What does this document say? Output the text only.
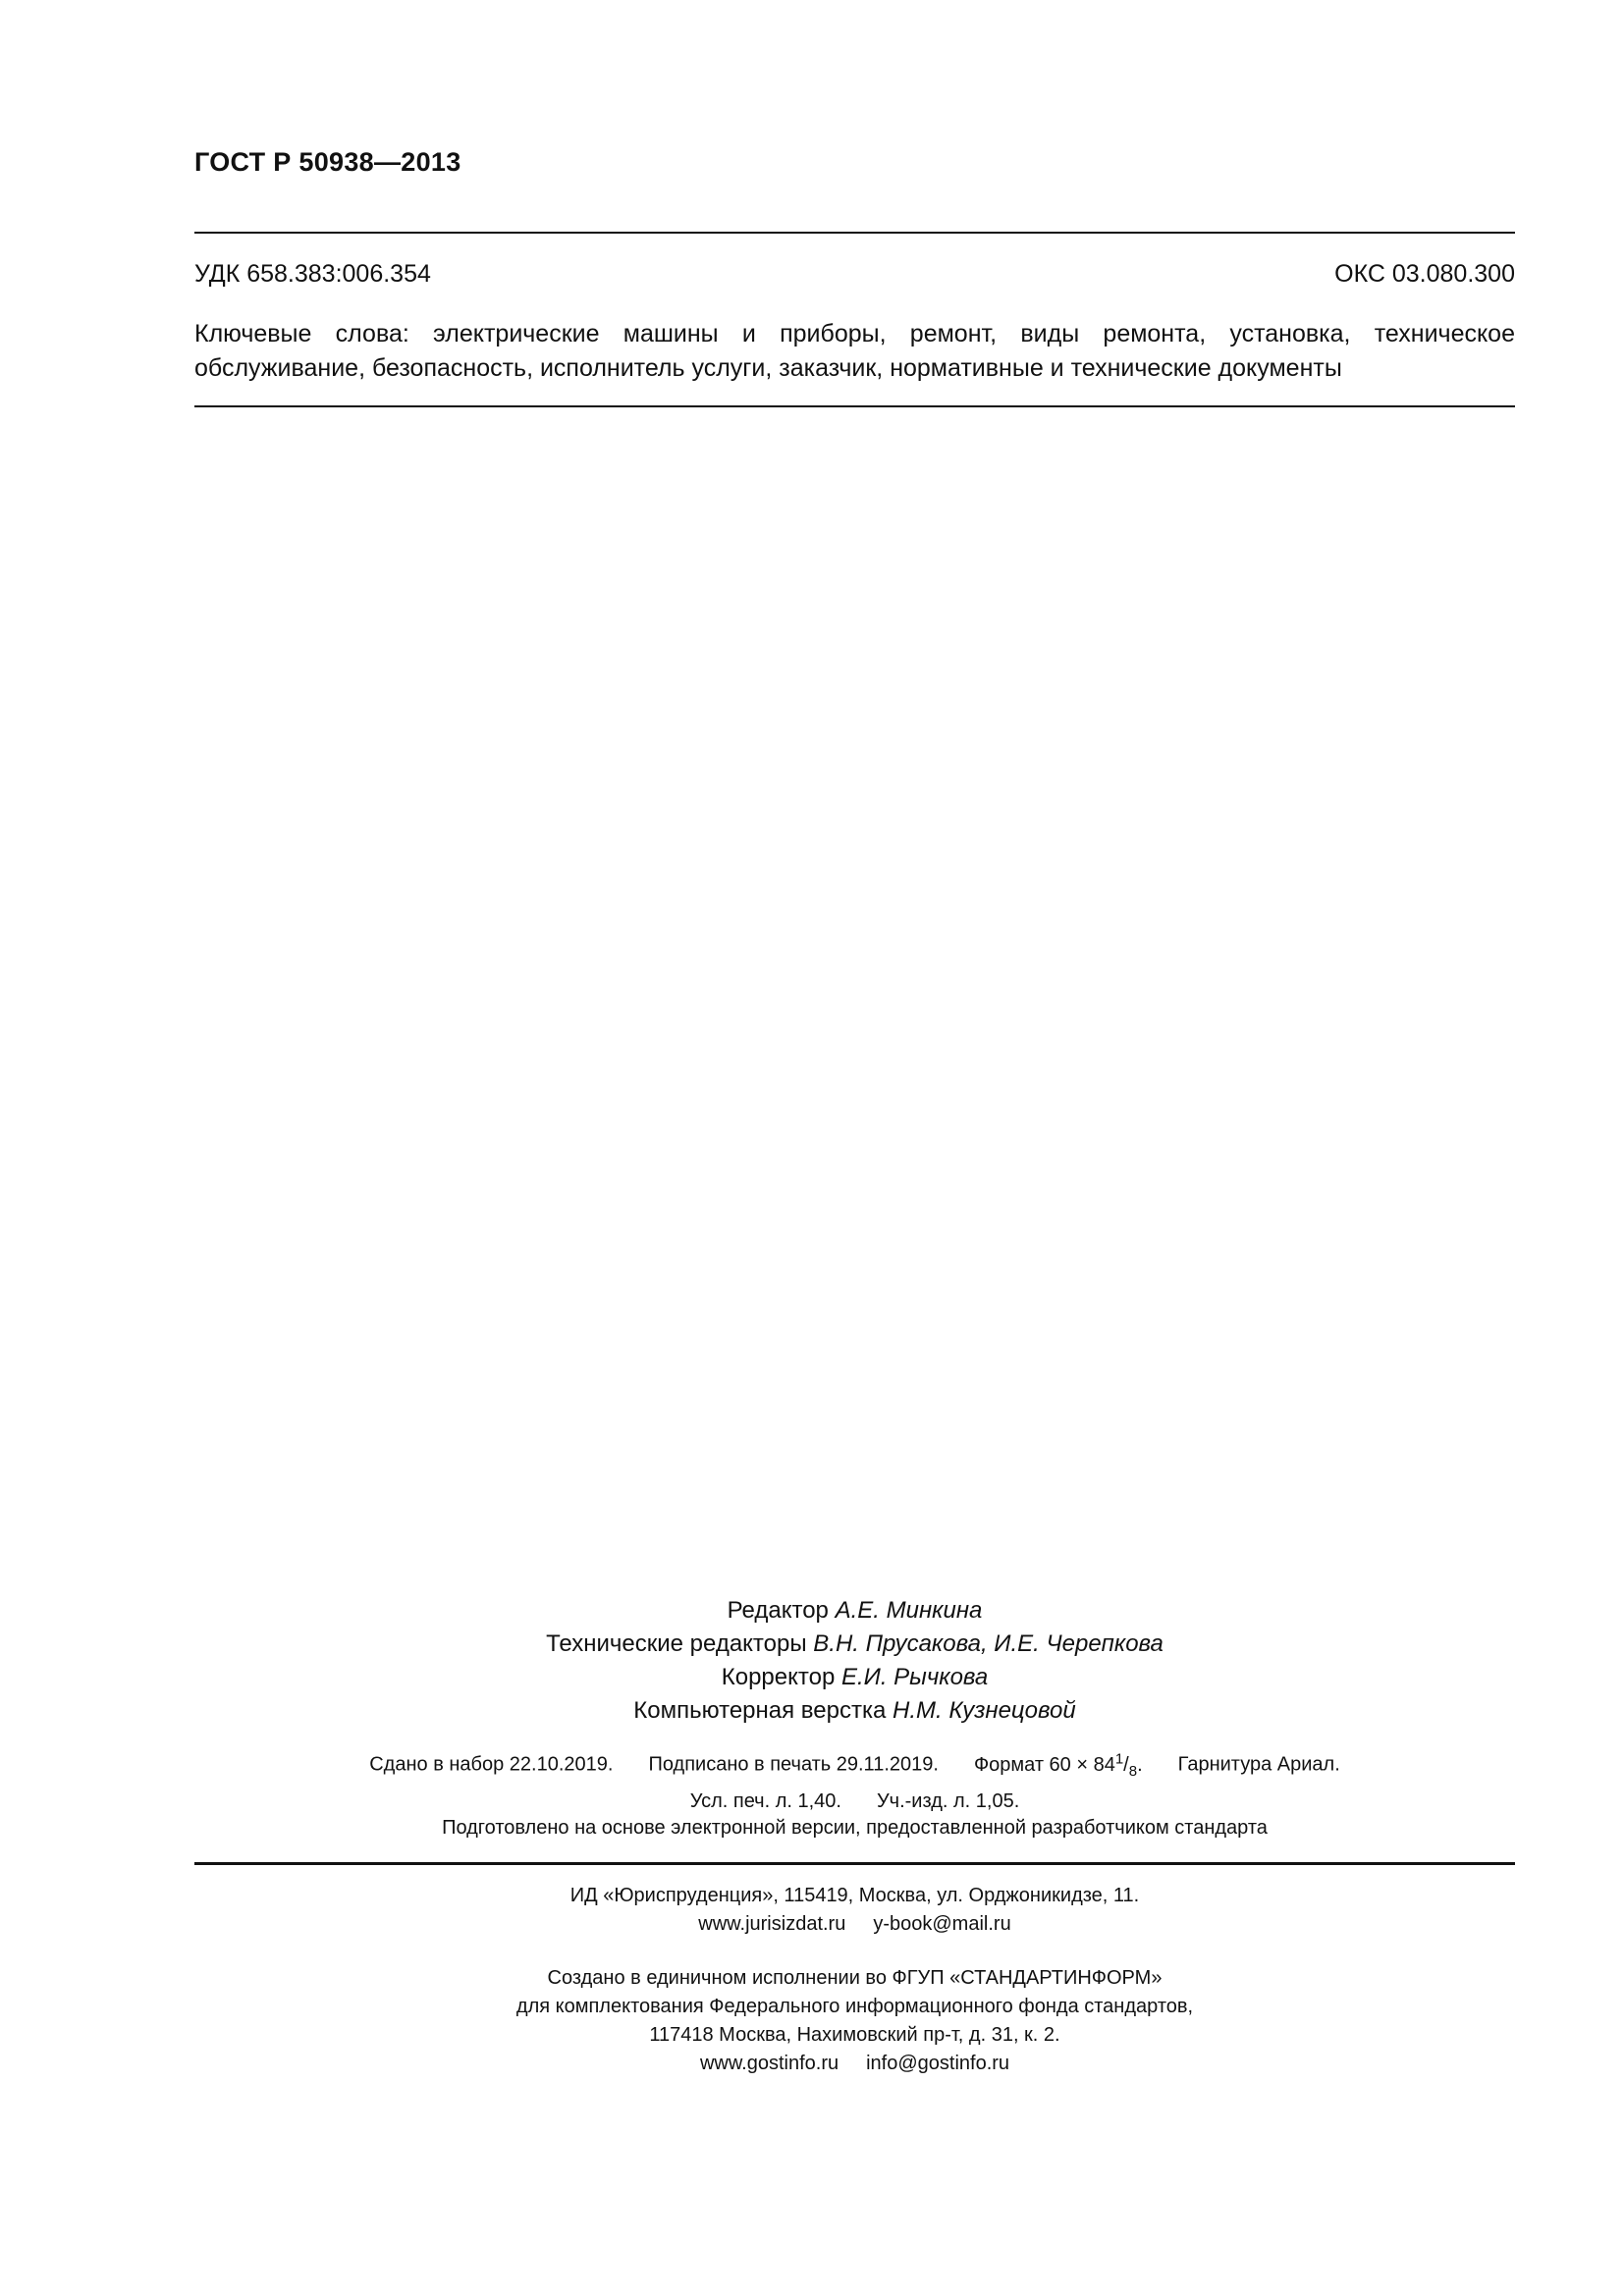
ГОСТ Р 50938—2013
УДК 658.383:006.354	ОКС 03.080.300
Ключевые слова: электрические машины и приборы, ремонт, виды ремонта, установка, техническое обслуживание, безопасность, исполнитель услуги, заказчик, нормативные и технические документы
Редактор А.Е. Минкина
Технические редакторы В.Н. Прусакова, И.Е. Черепкова
Корректор Е.И. Рычкова
Компьютерная верстка Н.М. Кузнецовой
Сдано в набор 22.10.2019. Подписано в печать 29.11.2019. Формат $60 \times 84^1/_8$. Гарнитура Ариал.
Усл. печ. л. 1,40. Уч.-изд. л. 1,05.
Подготовлено на основе электронной версии, предоставленной разработчиком стандарта
ИД «Юриспруденция», 115419, Москва, ул. Орджоникидзе, 11.
www.jurisizdat.ru y-book@mail.ru
Создано в единичном исполнении во ФГУП «СТАНДАРТИНФОРМ»
для комплектования Федерального информационного фонда стандартов,
117418 Москва, Нахимовский пр-т, д. 31, к. 2.
www.gostinfo.ru info@gostinfo.ru
